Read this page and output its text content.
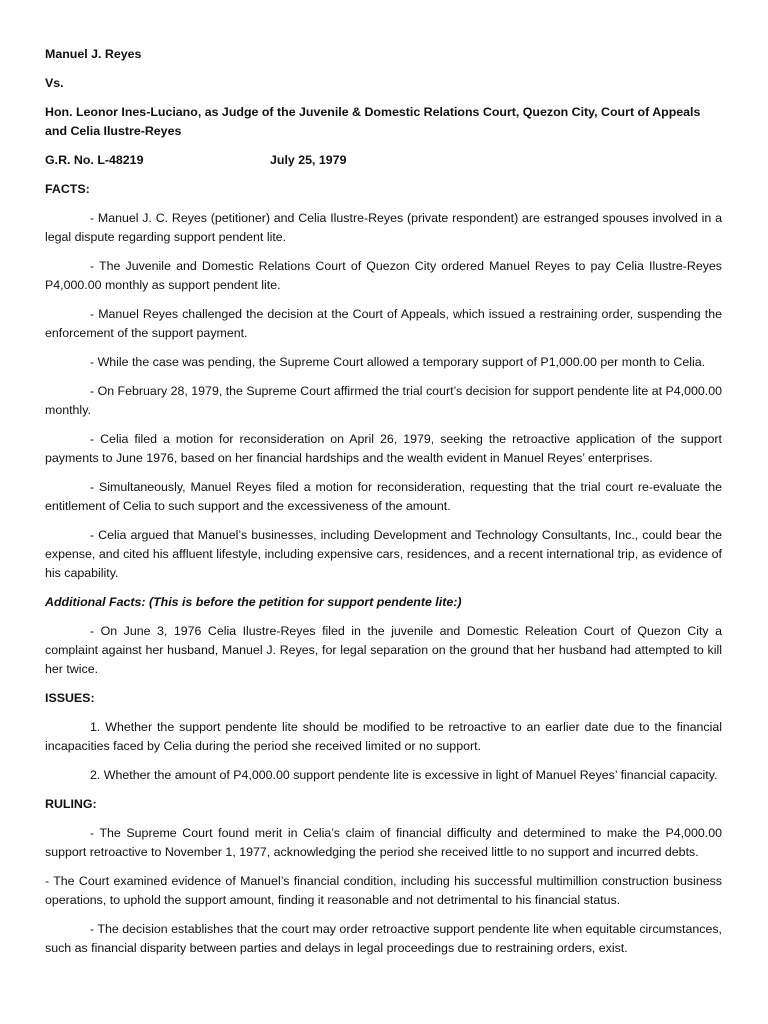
Manuel J. Reyes

Vs.

Hon. Leonor Ines-Luciano, as Judge of the Juvenile & Domestic Relations Court, Quezon City, Court of Appeals and Celia Ilustre-Reyes

G.R. No. L-48219	July 25, 1979

FACTS:

- Manuel J. C. Reyes (petitioner) and Celia Ilustre-Reyes (private respondent) are estranged spouses involved in a legal dispute regarding support pendent lite.

- The Juvenile and Domestic Relations Court of Quezon City ordered Manuel Reyes to pay Celia Ilustre-Reyes P4,000.00 monthly as support pendent lite.

- Manuel Reyes challenged the decision at the Court of Appeals, which issued a restraining order, suspending the enforcement of the support payment.

- While the case was pending, the Supreme Court allowed a temporary support of P1,000.00 per month to Celia.

- On February 28, 1979, the Supreme Court affirmed the trial court’s decision for support pendente lite at P4,000.00 monthly.

- Celia filed a motion for reconsideration on April 26, 1979, seeking the retroactive application of the support payments to June 1976, based on her financial hardships and the wealth evident in Manuel Reyes’ enterprises.

- Simultaneously, Manuel Reyes filed a motion for reconsideration, requesting that the trial court re-evaluate the entitlement of Celia to such support and the excessiveness of the amount.

- Celia argued that Manuel’s businesses, including Development and Technology Consultants, Inc., could bear the expense, and cited his affluent lifestyle, including expensive cars, residences, and a recent international trip, as evidence of his capability.

Additional Facts: (This is before the petition for support pendente lite:)

- On June 3, 1976 Celia Ilustre-Reyes filed in the juvenile and Domestic Releation Court of Quezon City a complaint against her husband, Manuel J. Reyes, for legal separation on the ground that her husband had attempted to kill her twice.

ISSUES:

1. Whether the support pendente lite should be modified to be retroactive to an earlier date due to the financial incapacities faced by Celia during the period she received limited or no support.

2. Whether the amount of P4,000.00 support pendente lite is excessive in light of Manuel Reyes’ financial capacity.

RULING:

- The Supreme Court found merit in Celia’s claim of financial difficulty and determined to make the P4,000.00 support retroactive to November 1, 1977, acknowledging the period she received little to no support and incurred debts.

- The Court examined evidence of Manuel’s financial condition, including his successful multimillion construction business operations, to uphold the support amount, finding it reasonable and not detrimental to his financial status.

- The decision establishes that the court may order retroactive support pendente lite when equitable circumstances, such as financial disparity between parties and delays in legal proceedings due to restraining orders, exist.
